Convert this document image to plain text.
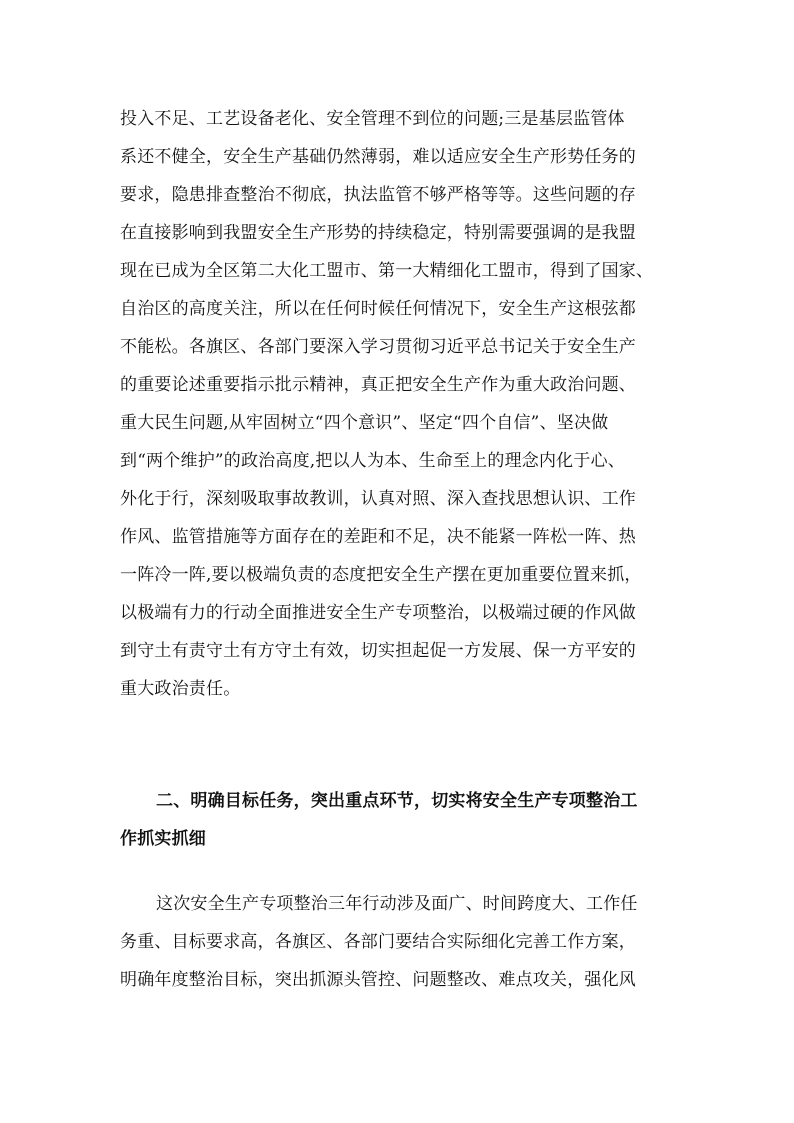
投入不足、工艺设备老化、安全管理不到位的问题;三是基层监管体
系还不健全，安全生产基础仍然薄弱，难以适应安全生产形势任务的
要求，隐患排查整治不彻底，执法监管不够严格等等。这些问题的存
在直接影响到我盟安全生产形势的持续稳定，特别需要强调的是我盟
现在已成为全区第二大化工盟市、第一大精细化工盟市，得到了国家、
自治区的高度关注，所以在任何时候任何情况下，安全生产这根弦都
不能松。各旗区、各部门要深入学习贯彻习近平总书记关于安全生产
的重要论述重要指示批示精神，真正把安全生产作为重大政治问题、
重大民生问题,从牢固树立“四个意识”、坚定“四个自信”、坚决做
到“两个维护”的政治高度,把以人为本、生命至上的理念内化于心、
外化于行，深刻吸取事故教训，认真对照、深入查找思想认识、工作
作风、监管措施等方面存在的差距和不足，决不能紧一阵松一阵、热
一阵冷一阵,要以极端负责的态度把安全生产摆在更加重要位置来抓，
以极端有力的行动全面推进安全生产专项整治，以极端过硬的作风做
到守土有责守土有方守土有效，切实担起促一方发展、保一方平安的
重大政治责任。
二、明确目标任务，突出重点环节，切实将安全生产专项整治工
作抓实抓细
这次安全生产专项整治三年行动涉及面广、时间跨度大、工作任
务重、目标要求高，各旗区、各部门要结合实际细化完善工作方案，
明确年度整治目标，突出抓源头管控、问题整改、难点攻关，强化风
